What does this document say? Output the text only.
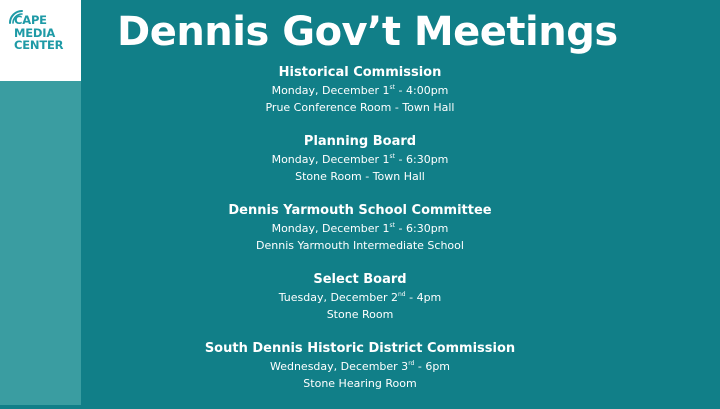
CAPE
MEDIA
CENTER Dennis Gov’t Meetings
Historical Commission
Monday, December 1st - 4:00pm
Prue Conference Room - Town Hall
Planning Board
Monday, December 1st - 6:30pm
Stone Room - Town Hall
Dennis Yarmouth School Committee
Monday, December 1st - 6:30pm
Dennis Yarmouth Intermediate School
Select Board
Tuesday, December 2nd - 4pm
Stone Room
South Dennis Historic District Commission
Wednesday, December 3rd - 6pm
Stone Hearing Room
